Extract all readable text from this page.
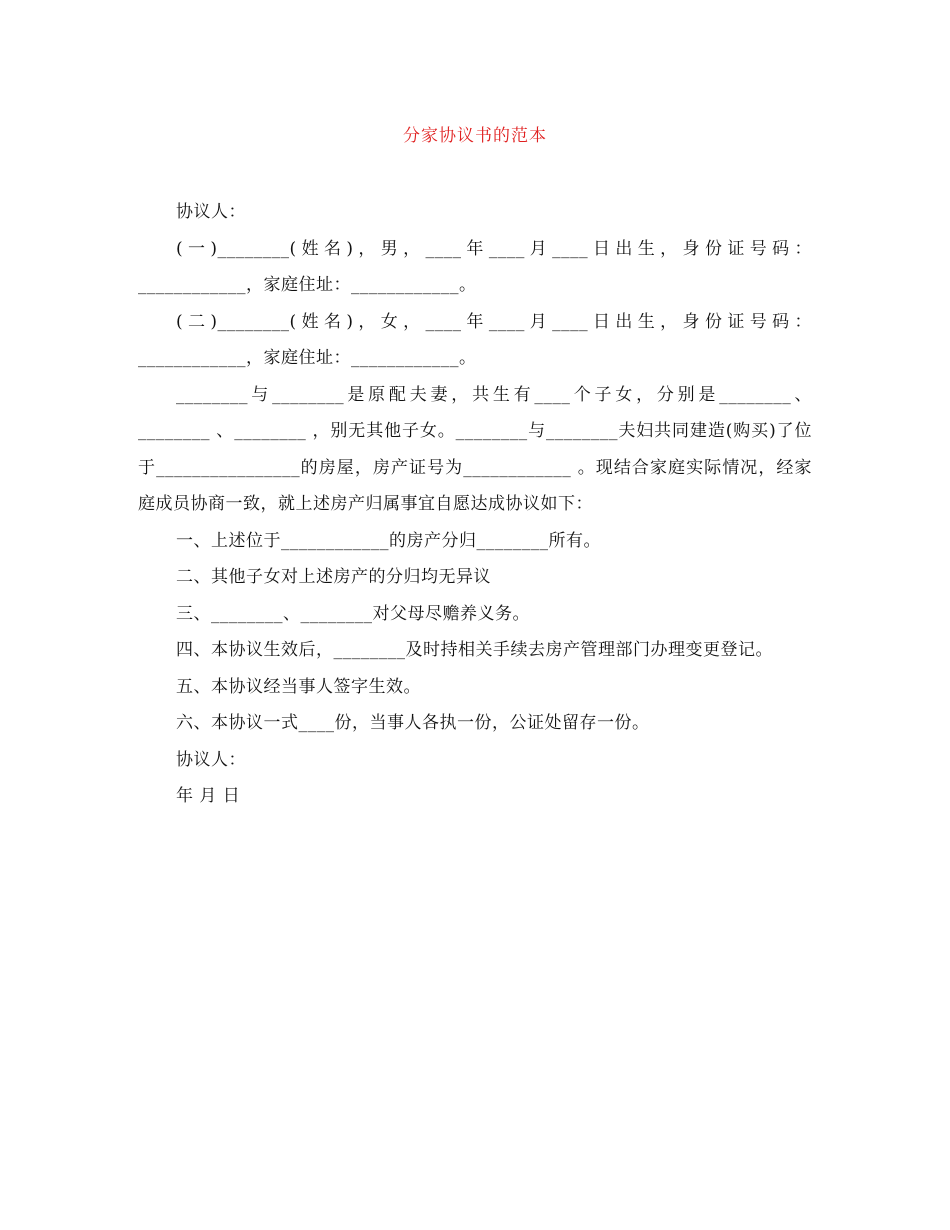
分家协议书的范本

协议人：

(一)________(姓名)，男，____年____月____日出生，身份证号码：____________，家庭住址：____________。

(二)________(姓名)，女，____年____月____日出生，身份证号码：____________，家庭住址：____________。

________与________是原配夫妻，共生有____个子女，分别是________、________ 、________ ，别无其他子女。________与________夫妇共同建造(购买)了位于________________的房屋，房产证号为____________ 。现结合家庭实际情况，经家庭成员协商一致，就上述房产归属事宜自愿达成协议如下：

一、上述位于____________的房产分归________所有。

二、其他子女对上述房产的分归均无异议

三、________、________对父母尽赡养义务。

四、本协议生效后，________及时持相关手续去房产管理部门办理变更登记。

五、本协议经当事人签字生效。

六、本协议一式____份，当事人各执一份，公证处留存一份。

协议人：

年 月 日
